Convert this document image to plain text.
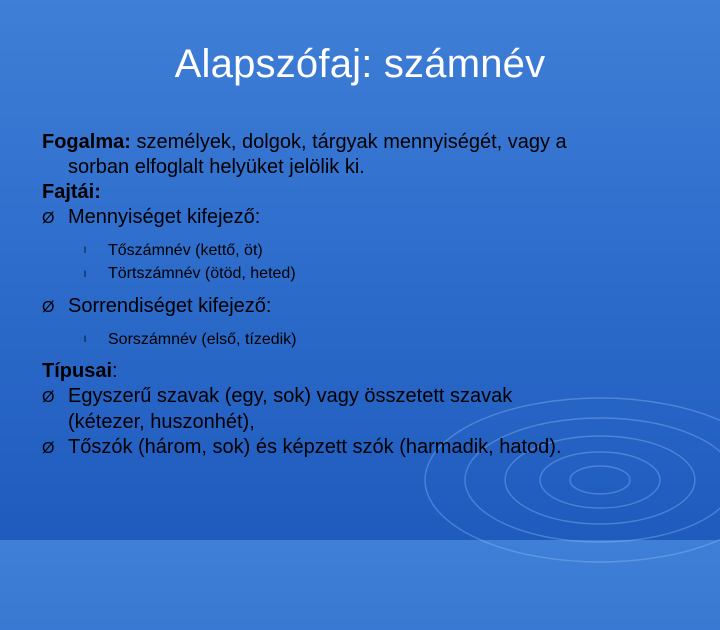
Alapszófaj: számnév

Fogalma: személyek, dolgok, tárgyak mennyiségét, vagy a

sorban elfoglalt helyüket jelölik ki.

Fajtái:

Ø Mennyiséget kifejező:

l Tőszámnév (kettő, öt)

l Törtszámnév (ötöd, heted)

Ø Sorrendiséget kifejező:

l Sorszámnév (első, tízedik)

Típusai:

Ø Egyszerű szavak (egy, sok) vagy összetett szavak

(kétezer, huszonhét),

Ø Tőszók (három, sok) és képzett szók (harmadik, hatod).
